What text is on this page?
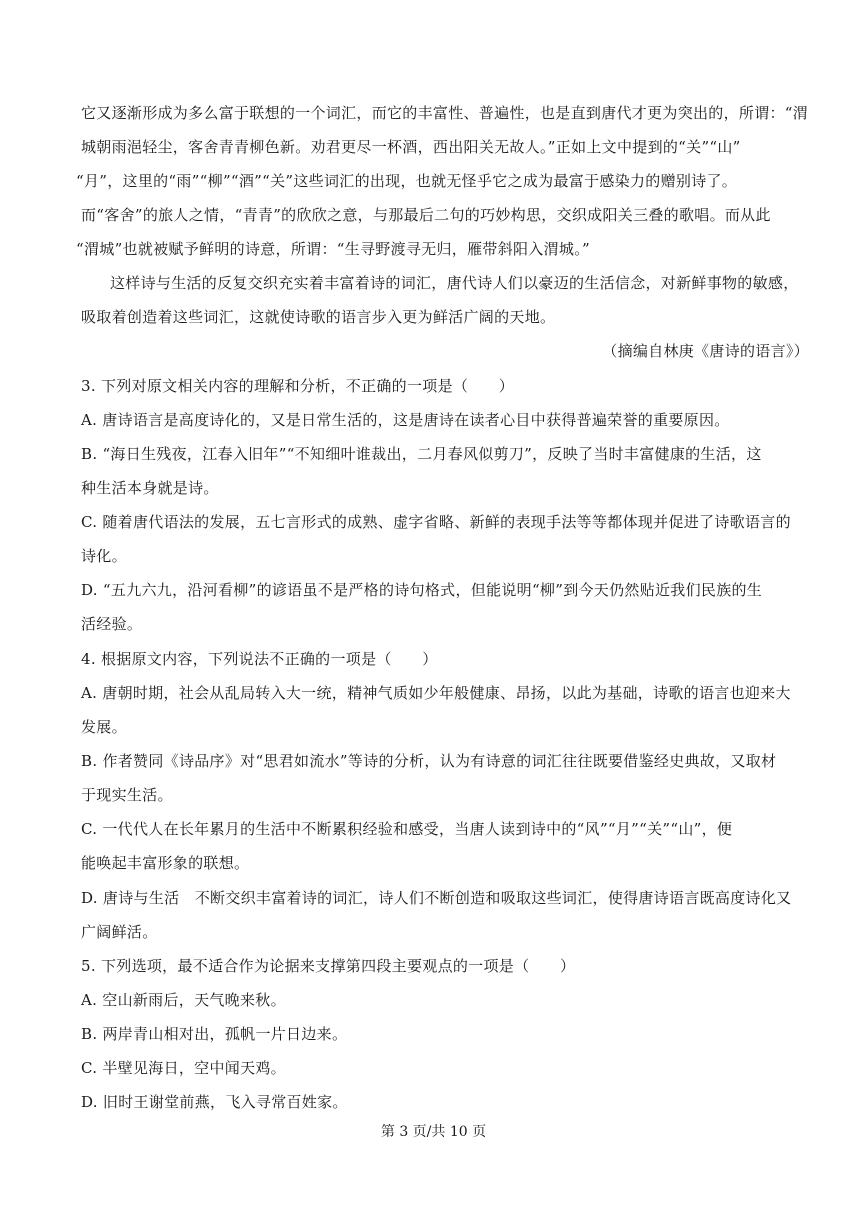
它又逐渐形成为多么富于联想的一个词汇，而它的丰富性、普遍性，也是直到唐代才更为突出的，所谓：“渭
城朝雨浥轻尘，客舍青青柳色新。劝君更尽一杯酒，西出阳关无故人。”正如上文中提到的“关”“山”
“月”，这里的“雨”“柳”“酒”“关”这些词汇的出现，也就无怪乎它之成为最富于感染力的赠别诗了。
而“客舍”的旅人之情，“青青”的欣欣之意，与那最后二句的巧妙构思，交织成阳关三叠的歌唱。而从此
“渭城”也就被赋予鲜明的诗意，所谓：“生寻野渡寻无归，雁带斜阳入渭城。”
这样诗与生活的反复交织充实着丰富着诗的词汇，唐代诗人们以豪迈的生活信念，对新鲜事物的敏感，
吸取着创造着这些词汇，这就使诗歌的语言步入更为鲜活广阔的天地。
（摘编自林庚《唐诗的语言》）
3. 下列对原文相关内容的理解和分析，不正确的一项是（　　）
A. 唐诗语言是高度诗化的，又是日常生活的，这是唐诗在读者心目中获得普遍荣誉的重要原因。
B. “海日生残夜，江春入旧年”“不知细叶谁裁出，二月春风似剪刀”，反映了当时丰富健康的生活，这
种生活本身就是诗。
C. 随着唐代语法的发展，五七言形式的成熟、虚字省略、新鲜的表现手法等等都体现并促进了诗歌语言的
诗化。
D. “五九六九，沿河看柳”的谚语虽不是严格的诗句格式，但能说明“柳”到今天仍然贴近我们民族的生
活经验。
4. 根据原文内容，下列说法不正确的一项是（　　）
A. 唐朝时期，社会从乱局转入大一统，精神气质如少年般健康、昂扬，以此为基础，诗歌的语言也迎来大
发展。
B. 作者赞同《诗品序》对“思君如流水”等诗的分析，认为有诗意的词汇往往既要借鉴经史典故，又取材
于现实生活。
C. 一代代人在长年累月的生活中不断累积经验和感受，当唐人读到诗中的“风”“月”“关”“山”，便
能唤起丰富形象的联想。
D. 唐诗与生活　不断交织丰富着诗的词汇，诗人们不断创造和吸取这些词汇，使得唐诗语言既高度诗化又
广阔鲜活。
5. 下列选项，最不适合作为论据来支撑第四段主要观点的一项是（　　）
A. 空山新雨后，天气晚来秋。
B. 两岸青山相对出，孤帆一片日边来。
C. 半壁见海日，空中闻天鸡。
D. 旧时王谢堂前燕，飞入寻常百姓家。
第 3 页/共 10 页
